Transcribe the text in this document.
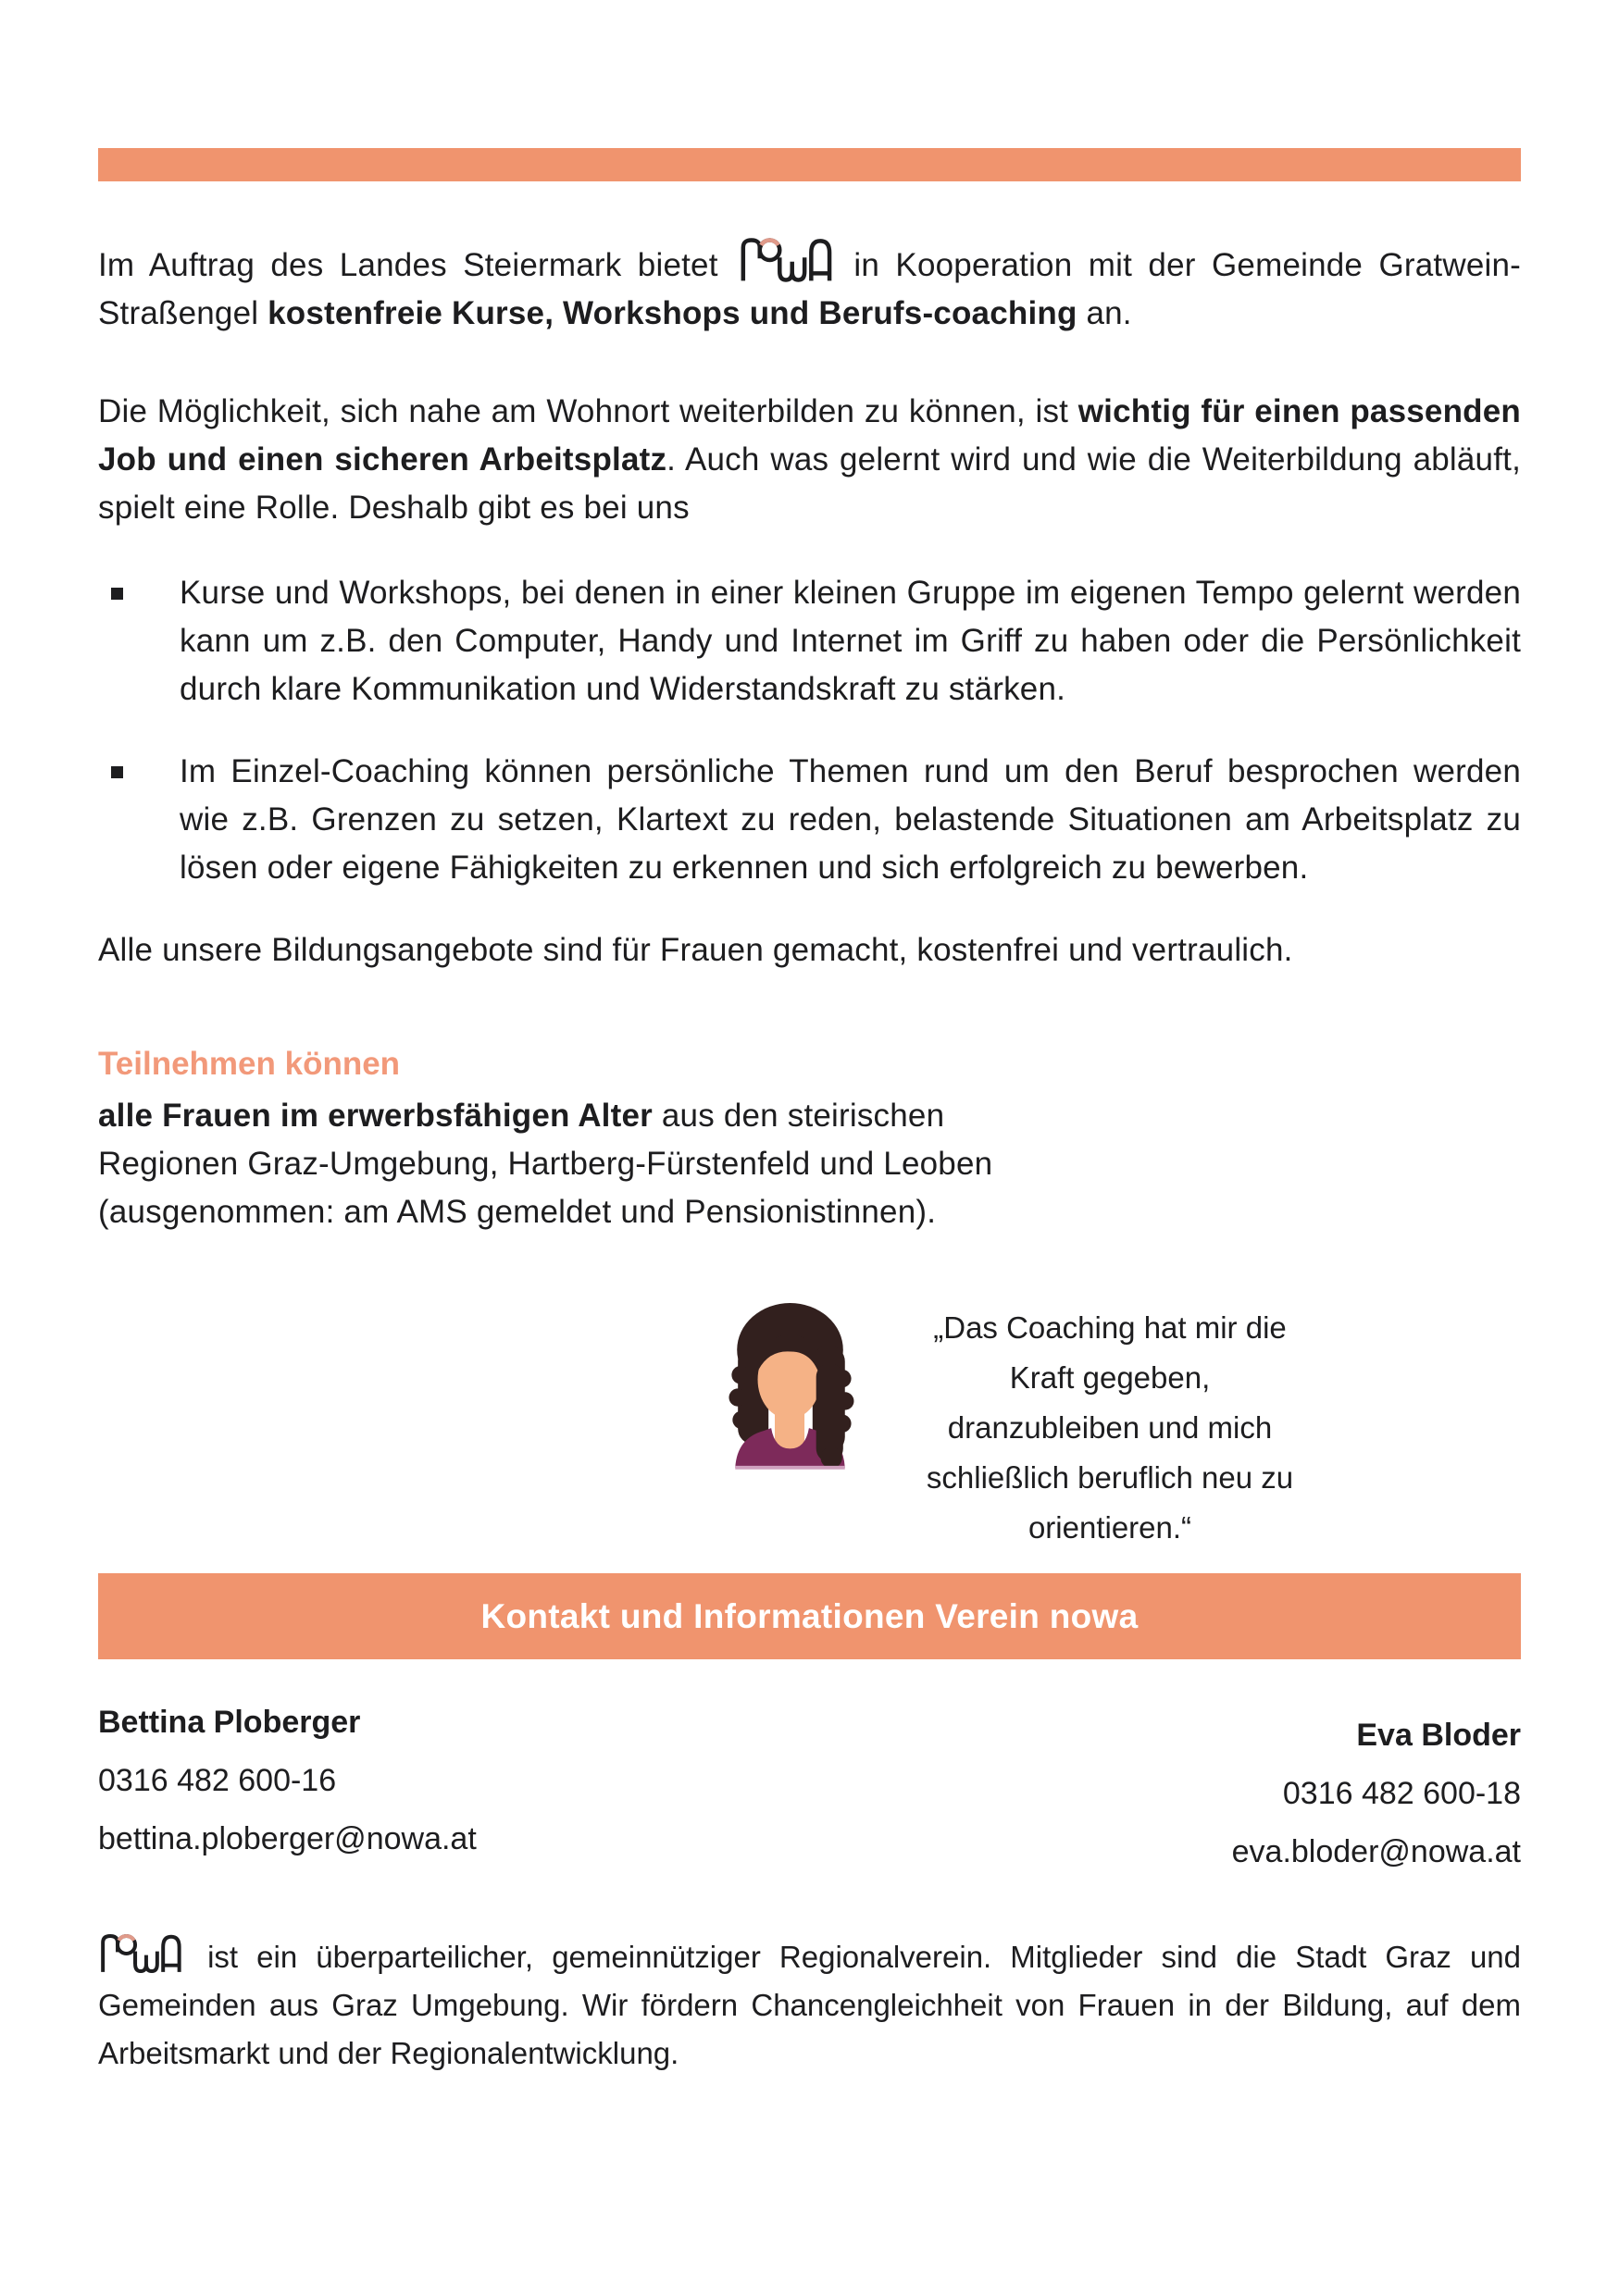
Im Auftrag des Landes Steiermark bietet	in Kooperation mit der Gemeinde Gratwein-Straßengel kostenfreie Kurse, Workshops und Berufs-coaching an.

Die Möglichkeit, sich nahe am Wohnort weiterbilden zu können, ist wichtig für einen passenden Job und einen sicheren Arbeitsplatz. Auch was gelernt wird und wie die Weiterbildung abläuft, spielt eine Rolle. Deshalb gibt es bei uns

Kurse und Workshops, bei denen in einer kleinen Gruppe im eigenen Tempo gelernt werden kann um z.B. den Computer, Handy und Internet im Griff zu haben oder die Persönlichkeit durch klare Kommunikation und Widerstandskraft zu stärken.

Im Einzel-Coaching können persönliche Themen rund um den Beruf besprochen werden wie z.B. Grenzen zu setzen, Klartext zu reden, belastende Situationen am Arbeitsplatz zu lösen oder eigene Fähigkeiten zu erkennen und sich erfolgreich zu bewerben.

Alle unsere Bildungsangebote sind für Frauen gemacht, kostenfrei und vertraulich.

Teilnehmen können

alle Frauen im erwerbsfähigen Alter aus den steirischen Regionen Graz-Umgebung, Hartberg-Fürstenfeld und Leoben (ausgenommen: am AMS gemeldet und Pensionistinnen).

„Das Coaching hat mir die Kraft gegeben, dranzubleiben und mich schließlich beruflich neu zu orientieren.“

Kontakt und Informationen Verein nowa
Bettina Ploberger
0316 482 600-16
bettina.ploberger@nowa.at
Eva Bloder
0316 482 600-18
eva.bloder@nowa.at

ist ein überparteilicher, gemeinnütziger Regionalverein. Mitglieder sind die Stadt Graz und Gemeinden aus Graz Umgebung. Wir fördern Chancengleichheit von Frauen in der Bildung, auf dem Arbeitsmarkt und der Regionalentwicklung.
